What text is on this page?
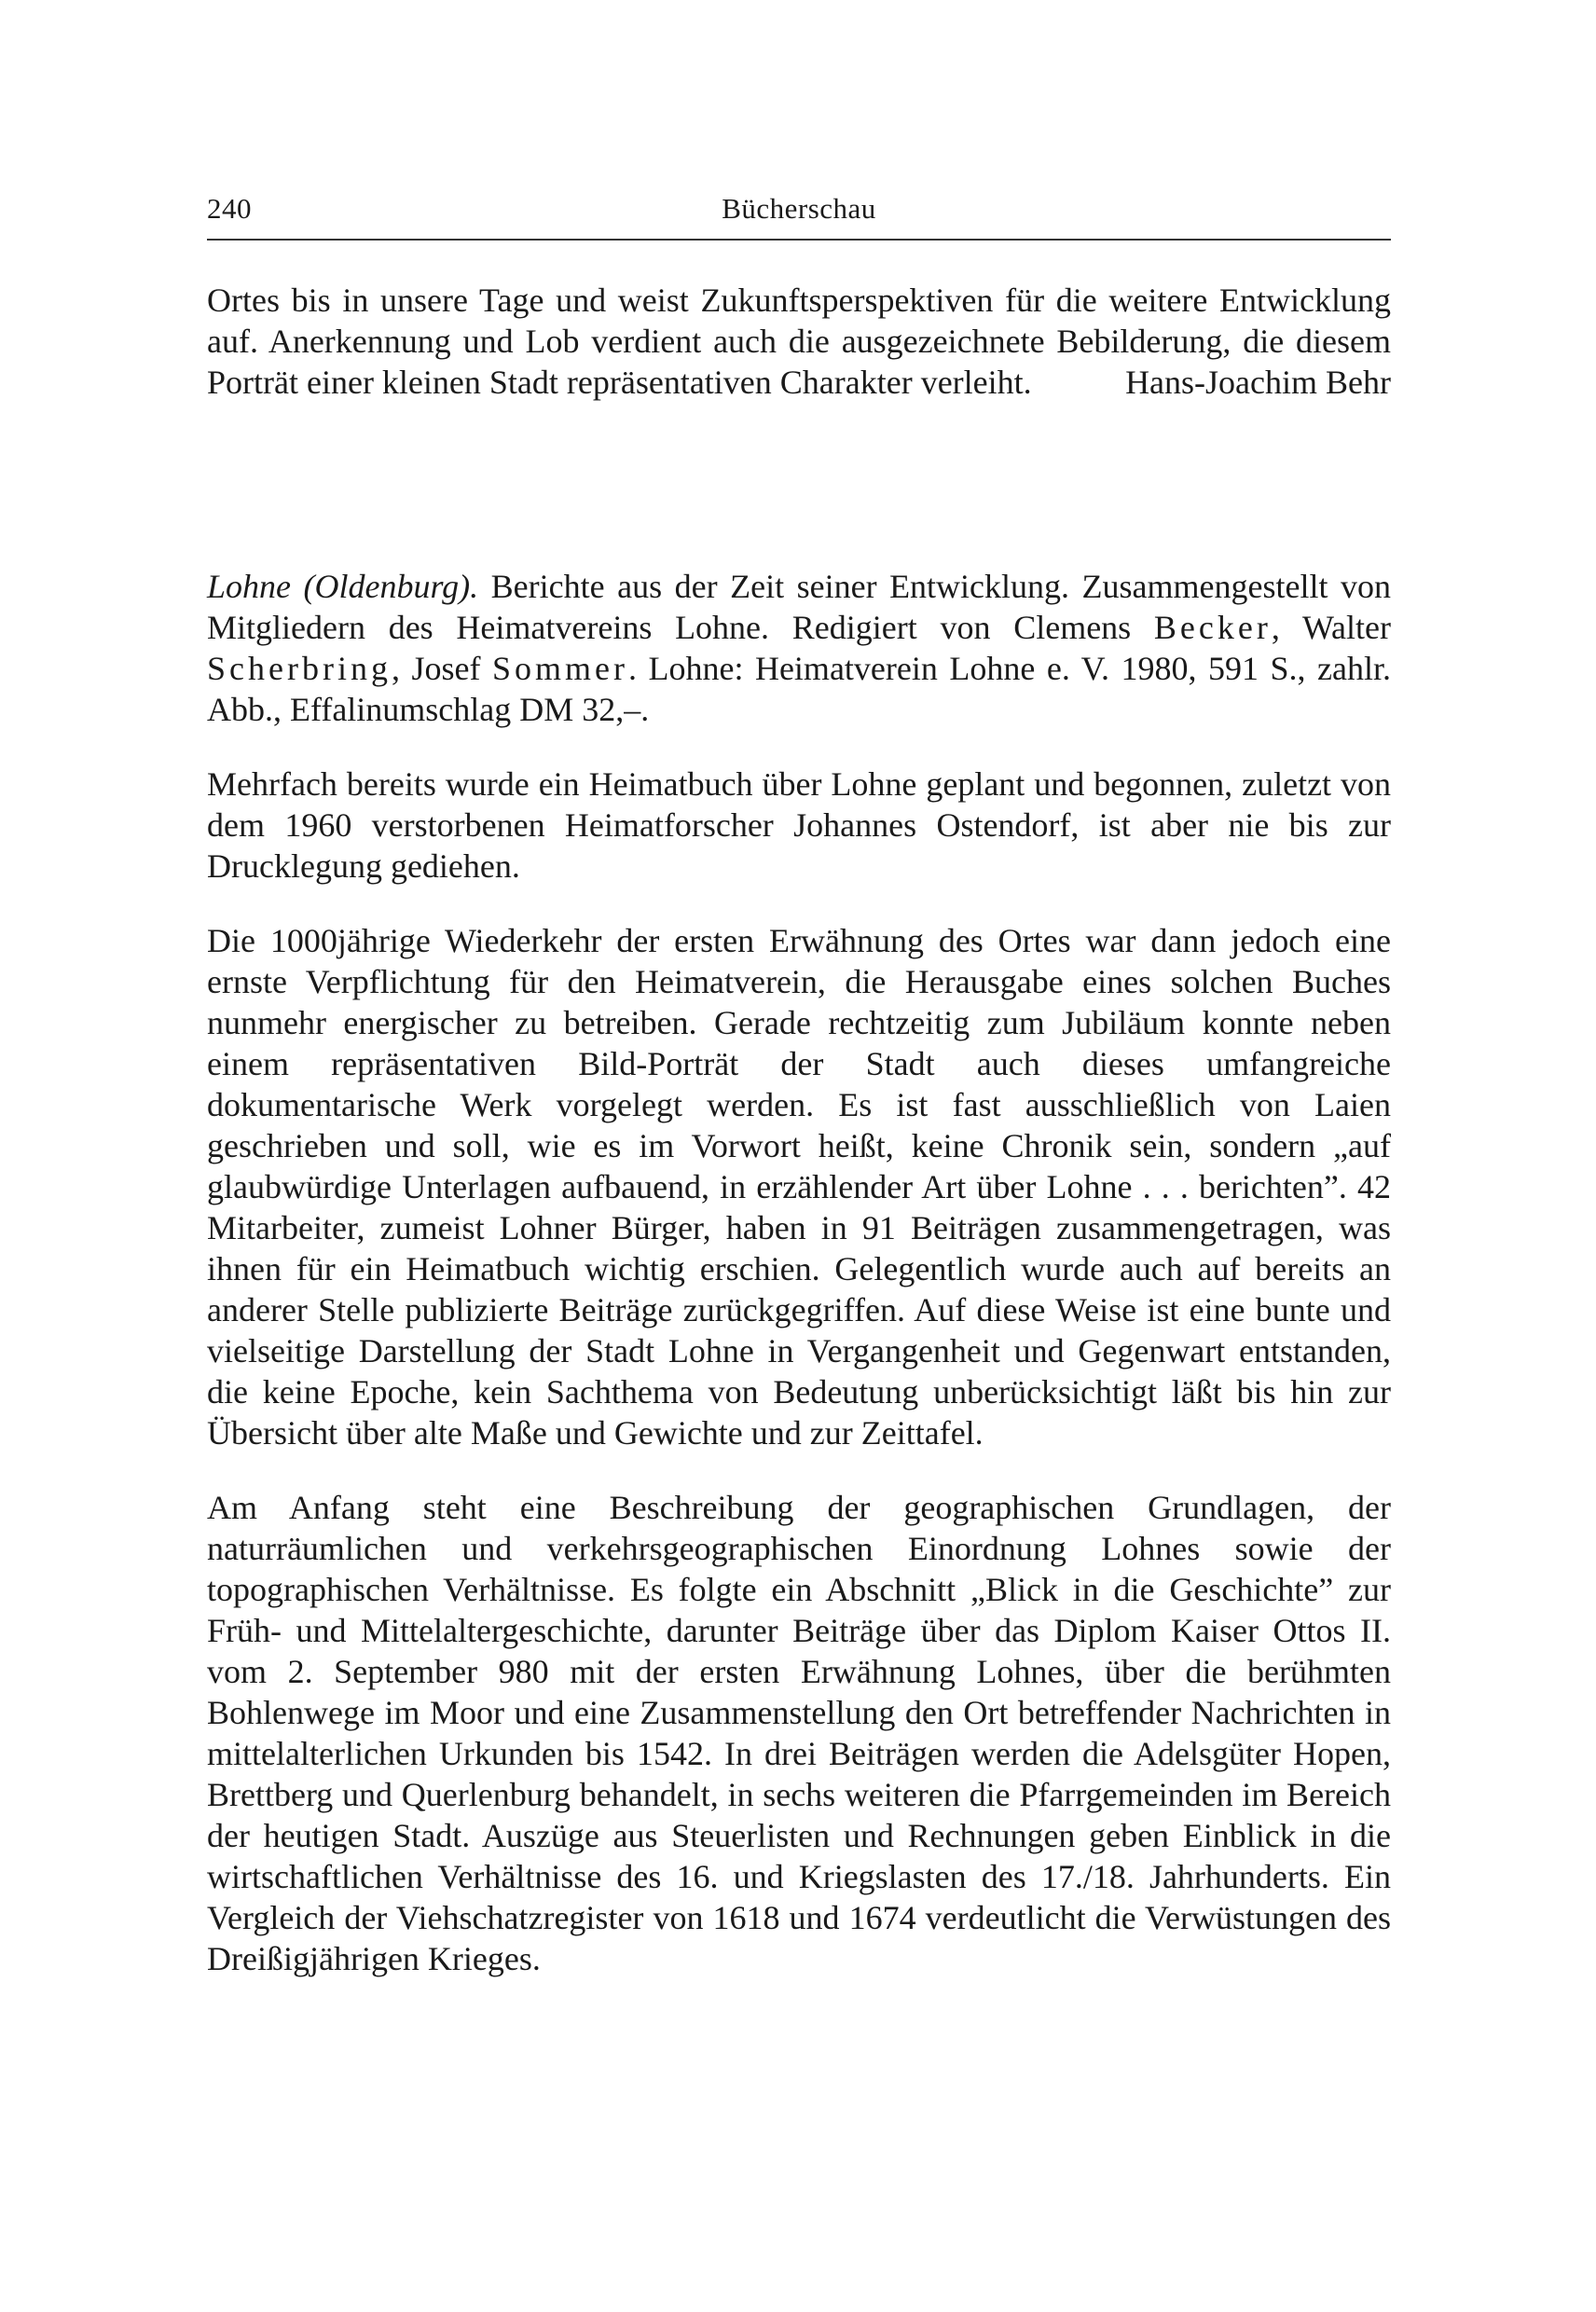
240	Bücherschau

Ortes bis in unsere Tage und weist Zukunftsperspektiven für die weitere Entwicklung auf. Anerkennung und Lob verdient auch die ausgezeichnete Bebilderung, die diesem Porträt einer kleinen Stadt repräsentativen Charakter verleiht.	Hans-Joachim Behr

Lohne (Oldenburg). Berichte aus der Zeit seiner Entwicklung. Zusammengestellt von Mitgliedern des Heimatvereins Lohne. Redigiert von Clemens Becker, Walter Scherbring, Josef Sommer. Lohne: Heimatverein Lohne e. V. 1980, 591 S., zahlr. Abb., Effalinumschlag DM 32,–.

Mehrfach bereits wurde ein Heimatbuch über Lohne geplant und begonnen, zuletzt von dem 1960 verstorbenen Heimatforscher Johannes Ostendorf, ist aber nie bis zur Drucklegung gediehen.

Die 1000jährige Wiederkehr der ersten Erwähnung des Ortes war dann jedoch eine ernste Verpflichtung für den Heimatverein, die Herausgabe eines solchen Buches nunmehr energischer zu betreiben. Gerade rechtzeitig zum Jubiläum konnte neben einem repräsentativen Bild-Porträt der Stadt auch dieses umfangreiche dokumentarische Werk vorgelegt werden. Es ist fast ausschließlich von Laien geschrieben und soll, wie es im Vorwort heißt, keine Chronik sein, sondern „auf glaubwürdige Unterlagen aufbauend, in erzählender Art über Lohne . . . berichten”. 42 Mitarbeiter, zumeist Lohner Bürger, haben in 91 Beiträgen zusammengetragen, was ihnen für ein Heimatbuch wichtig erschien. Gelegentlich wurde auch auf bereits an anderer Stelle publizierte Beiträge zurückgegriffen. Auf diese Weise ist eine bunte und vielseitige Darstellung der Stadt Lohne in Vergangenheit und Gegenwart entstanden, die keine Epoche, kein Sachthema von Bedeutung unberücksichtigt läßt bis hin zur Übersicht über alte Maße und Gewichte und zur Zeittafel.

Am Anfang steht eine Beschreibung der geographischen Grundlagen, der naturräumlichen und verkehrsgeographischen Einordnung Lohnes sowie der topographischen Verhältnisse. Es folgte ein Abschnitt „Blick in die Geschichte” zur Früh- und Mittelaltergeschichte, darunter Beiträge über das Diplom Kaiser Ottos II. vom 2. September 980 mit der ersten Erwähnung Lohnes, über die berühmten Bohlenwege im Moor und eine Zusammenstellung den Ort betreffender Nachrichten in mittelalterlichen Urkunden bis 1542. In drei Beiträgen werden die Adelsgüter Hopen, Brettberg und Querlenburg behandelt, in sechs weiteren die Pfarrgemeinden im Bereich der heutigen Stadt. Auszüge aus Steuerlisten und Rechnungen geben Einblick in die wirtschaftlichen Verhältnisse des 16. und Kriegslasten des 17./18. Jahrhunderts. Ein Vergleich der Viehschatzregister von 1618 und 1674 verdeutlicht die Verwüstungen des Dreißigjährigen Krieges.
